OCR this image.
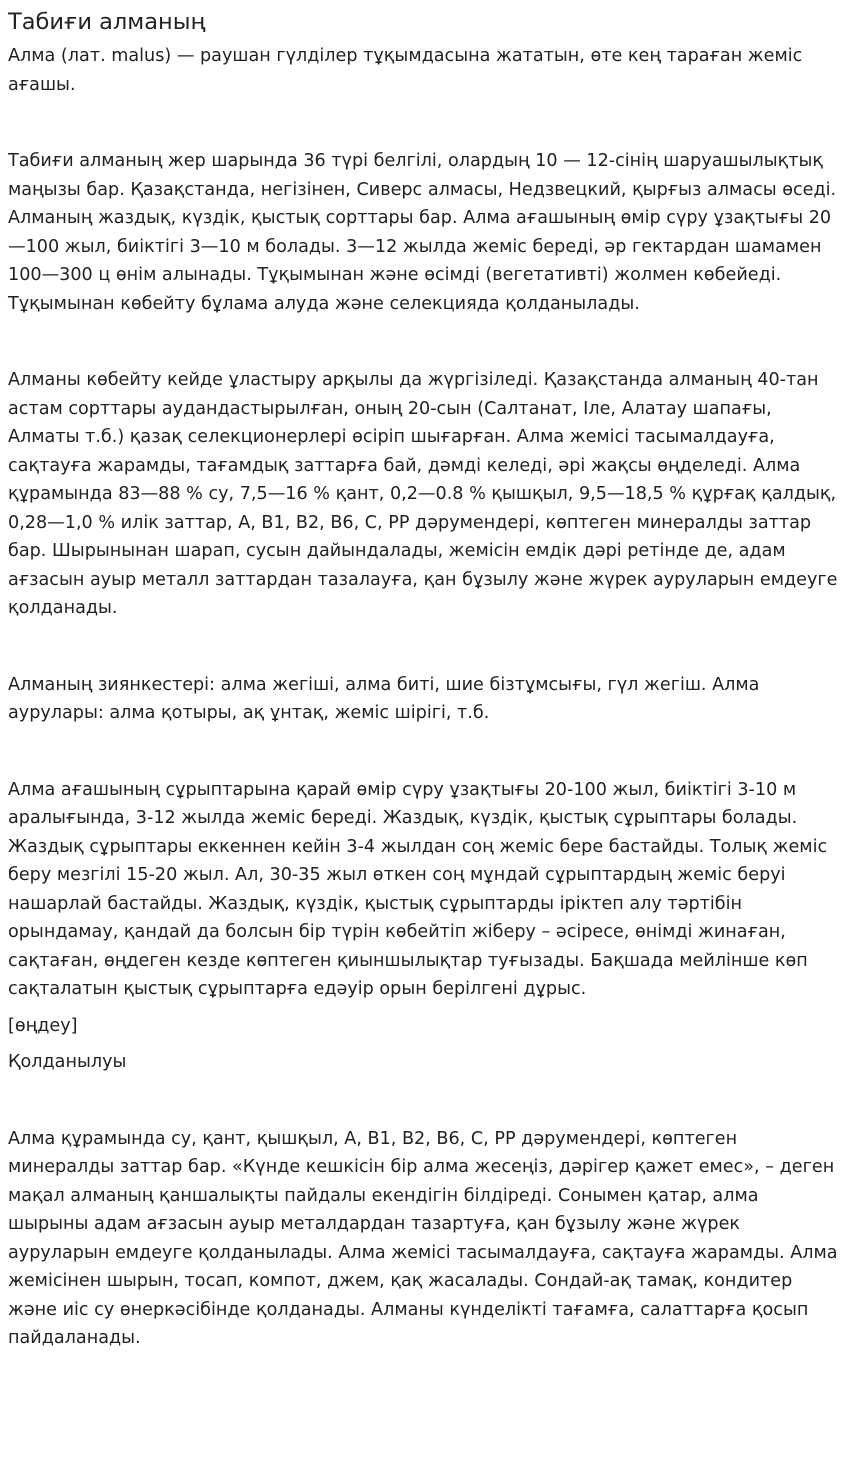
Табиғи алманың

Алма (лат. malus) — раушан гүлділер тұқымдасына жататын, өте кең тараған жеміс ағашы.

Табиғи алманың жер шарында 36 түрі белгілі, олардың 10 — 12-сінің шаруашылықтық маңызы бар. Қазақстанда, негізінен, Сиверс алмасы, Недзвецкий, қырғыз алмасы өседі. Алманың жаздық, күздік, қыстық сорттары бар. Алма ағашының өмір сүру ұзақтығы 20—100 жыл, биіктігі 3—10 м болады. 3—12 жылда жеміс береді, әр гектардан шамамен 100—300 ц өнім алынады. Тұқымынан және өсімді (вегетативті) жолмен көбейеді. Тұқымынан көбейту бұлама алуда және селекцияда қолданылады.

Алманы көбейту кейде ұластыру арқылы да жүргізіледі. Қазақстанда алманың 40-тан астам сорттары аудандастырылған, оның 20-сын (Салтанат, Іле, Алатау шапағы, Алматы т.б.) қазақ селекционерлері өсіріп шығарған. Алма жемісі тасымалдауға, сақтауға жарамды, тағамдық заттарға бай, дәмді келеді, әрі жақсы өңделеді. Алма құрамында 83—88 % су, 7,5—16 % қант, 0,2—0.8 % қышқыл, 9,5—18,5 % құрғақ қалдық, 0,28—1,0 % илік заттар, А, В1, В2, В6, С, РР дәрумендері, көптеген минералды заттар бар. Шырынынан шарап, сусын дайындалады, жемісін емдік дәрі ретінде де, адам ағзасын ауыр металл заттардан тазалауға, қан бұзылу және жүрек ауруларын емдеуге қолданады.

Алманың зиянкестері: алма жегіші, алма биті, шие бізтұмсығы, гүл жегіш. Алма аурулары: алма қотыры, ақ ұнтақ, жеміс шірігі, т.б.

Алма ағашының сұрыптарына қарай өмір сүру ұзақтығы 20-100 жыл, биіктігі 3-10 м аралығында, 3-12 жылда жеміс береді. Жаздық, күздік, қыстық сұрыптары болады. Жаздық сұрыптары еккеннен кейін 3-4 жылдан соң жеміс бере бастайды. Толық жеміс беру мезгілі 15-20 жыл. Ал, 30-35 жыл өткен соң мұндай сұрыптардың жеміс беруі нашарлай бастайды. Жаздық, күздік, қыстық сұрыптарды іріктеп алу тәртібін орындамау, қандай да болсын бір түрін көбейтіп жіберу – әсіресе, өнімді жинаған, сақтаған, өңдеген кезде көптеген қиыншылықтар туғызады. Бақшада мейлінше көп сақталатын қыстық сұрыптарға едәуір орын берілгені дұрыс.

[өңдеу]

Қолданылуы

Алма құрамында су, қант, қышқыл, А, В1, В2, В6, С, РР дәрумендері, көптеген минералды заттар бар. «Күнде кешкісін бір алма жесеңіз, дәрігер қажет емес», – деген мақал алманың қаншалықты пайдалы екендігін білдіреді. Сонымен қатар, алма шырыны адам ағзасын ауыр металдардан тазартуға, қан бұзылу және жүрек ауруларын емдеуге қолданылады. Алма жемісі тасымалдауға, сақтауға жарамды. Алма жемісінен шырын, тосап, компот, джем, қақ жасалады. Сондай-ақ тамақ, кондитер және иіс су өнеркәсібінде қолданады. Алманы күнделікті тағамға, салаттарға қосып пайдаланады.
